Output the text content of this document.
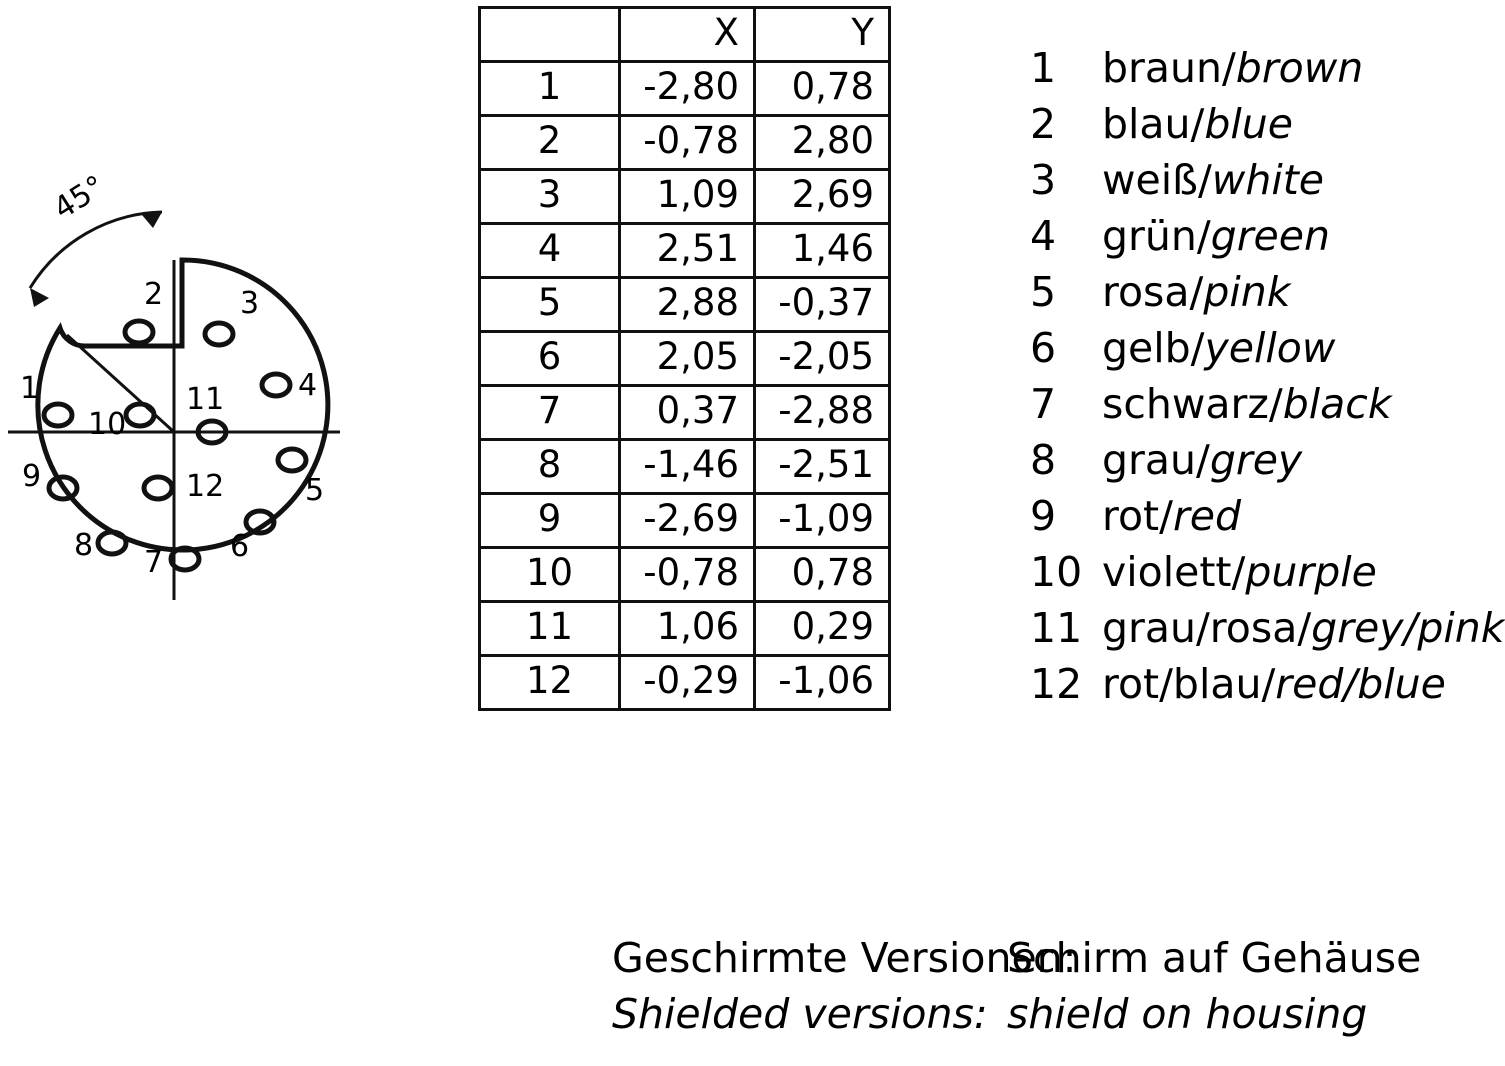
45°
1
2	3
4
5
6
7
8
9
10
11
12
	X	Y
1	-2,80	0,78
2	-0,78	2,80
3	1,09	2,69
4	2,51	1,46
5	2,88	-0,37
6	2,05	-2,05
7	0,37	-2,88
8	-1,46	-2,51
9	-2,69	-1,09
10	-0,78	0,78
11	1,06	0,29
12	-0,29	-1,06
1	braun/ brown
2	blau/ blue
3	weiß/ white
4	grün/ green
5	rosa/ pink
6	gelb/ yellow
7	schwarz/ black
8	grau/ grey
9	rot/ red
10 violett/ purple
11 grau/rosa/ grey/pink
12 rot/blau/ red/blue
Geschirmte Versionen:
Schirm auf Gehäuse
Shielded versions: shield on housing
